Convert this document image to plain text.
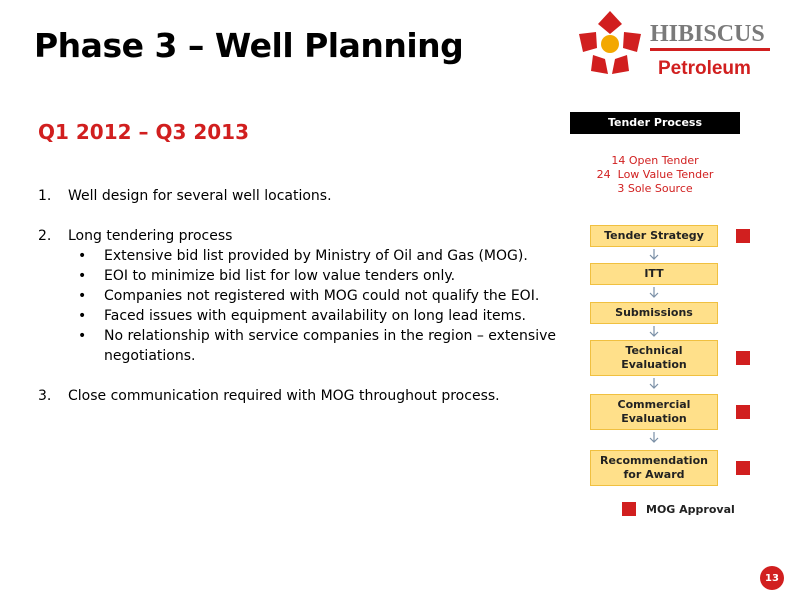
Phase 3 – Well Planning	HIBISCUS
Petroleum
Q1 2012 – Q3 2013
1.	Well design for several well locations.
2.	Long tendering process
• Extensive bid list provided by Ministry of Oil and Gas (MOG).
• EOI to minimize bid list for low value tenders only.
• Companies not registered with MOG could not qualify the EOI.
• Faced issues with equipment availability on long lead items.
• No relationship with service companies in the region – extensive negotiations.
3.	Close communication required with MOG throughout process.
Tender Process
14 Open Tender
24  Low Value Tender
3 Sole Source
Tender Strategy
ITT
Submissions
Technical
Evaluation
Commercial
Evaluation
Recommendation
for Award
MOG Approval
13
